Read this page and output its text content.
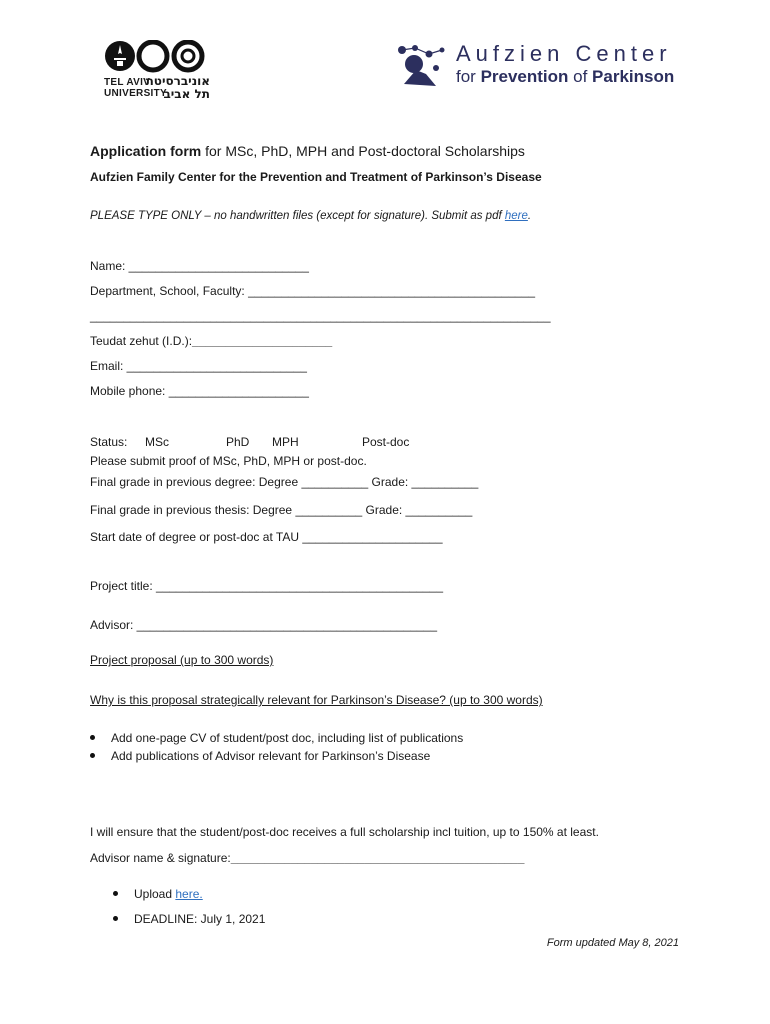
TEL AVIV
UNIVERSITY
אוניברסיטת
תל אביב
Aufzien Center
for Prevention of Parkinson
Application form for MSc, PhD, MPH and Post-doctoral Scholarships
Aufzien Family Center for the Prevention and Treatment of Parkinson’s Disease
PLEASE TYPE ONLY – no handwritten files (except for signature). Submit as pdf here.
Name: ___________________________
Department, School, Faculty: ___________________________________________
_____________________________________________________________________
Teudat zehut (I.D.):_____________________
Email: ___________________________
Mobile phone: _____________________
Status: MSc	PhD MPH	Post-doc
Please submit proof of MSc, PhD, MPH or post-doc.
Final grade in previous degree: Degree __________ Grade: __________
Final grade in previous thesis: Degree __________ Grade: __________
Start date of degree or post-doc at TAU _____________________
Project title: ___________________________________________
Advisor: _____________________________________________
Project proposal (up to 300 words)
Why is this proposal strategically relevant for Parkinson’s Disease? (up to 300 words)
Add one-page CV of student/post doc, including list of publications
Add publications of Advisor relevant for Parkinson’s Disease
I will ensure that the student/post-doc receives a full scholarship incl tuition, up to 150% at least.
Advisor name & signature:____________________________________________
Upload here.
DEADLINE: July 1, 2021
Form updated May 8, 2021
